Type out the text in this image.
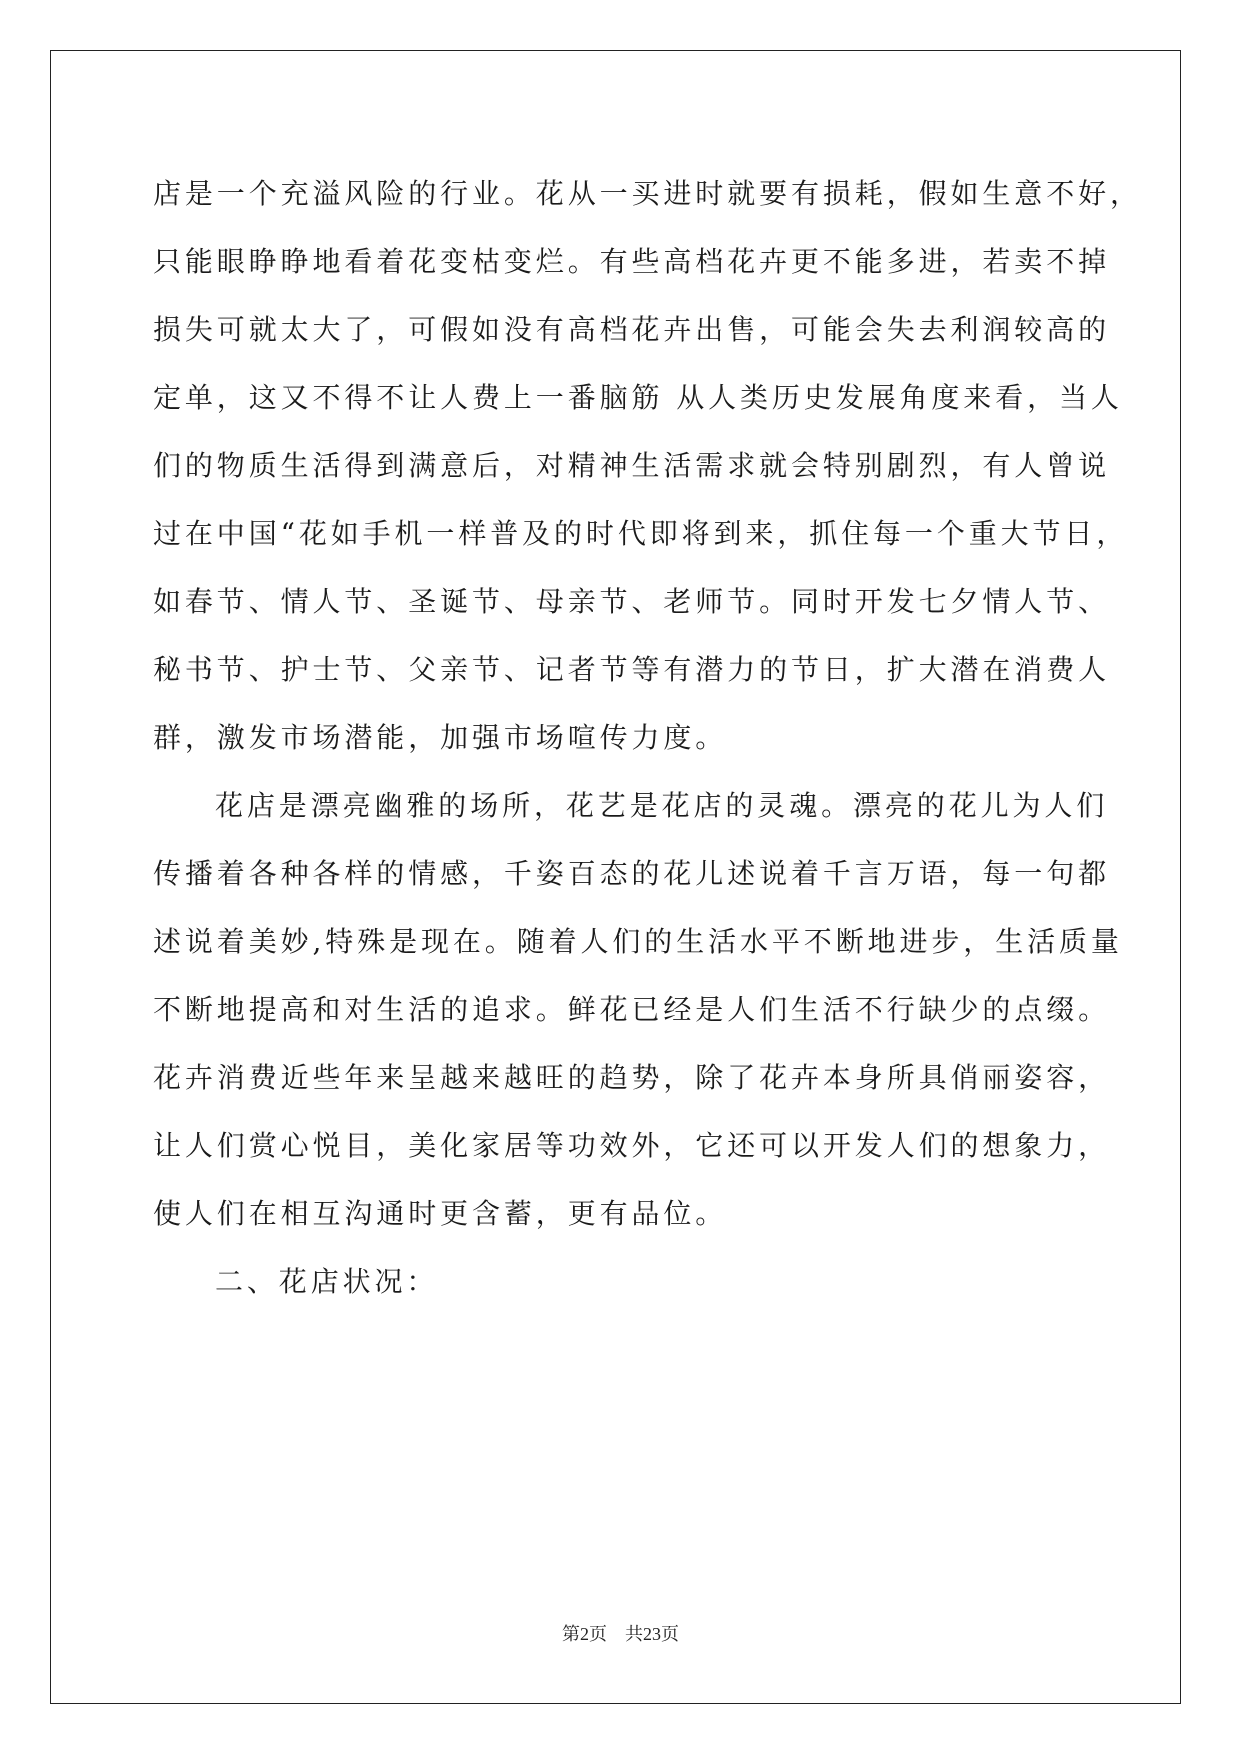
店是一个充溢风险的行业。花从一买进时就要有损耗，假如生意不好，
只能眼睁睁地看着花变枯变烂。有些高档花卉更不能多进，若卖不掉
损失可就太大了，可假如没有高档花卉出售，可能会失去利润较高的
定单，这又不得不让人费上一番脑筋 从人类历史发展角度来看，当人
们的物质生活得到满意后，对精神生活需求就会特别剧烈，有人曾说
过在中国“花如手机一样普及的时代即将到来，抓住每一个重大节日，
如春节、情人节、圣诞节、母亲节、老师节。同时开发七夕情人节、
秘书节、护士节、父亲节、记者节等有潜力的节日，扩大潜在消费人
群，激发市场潜能，加强市场喧传力度。
花店是漂亮幽雅的场所，花艺是花店的灵魂。漂亮的花儿为人们
传播着各种各样的情感，千姿百态的花儿述说着千言万语，每一句都
述说着美妙,特殊是现在。随着人们的生活水平不断地进步，生活质量
不断地提高和对生活的追求。鲜花已经是人们生活不行缺少的点缀。
花卉消费近些年来呈越来越旺的趋势，除了花卉本身所具俏丽姿容，
让人们赏心悦目，美化家居等功效外，它还可以开发人们的想象力，
使人们在相互沟通时更含蓄，更有品位。
二、花店状况：
第2页    共23页
